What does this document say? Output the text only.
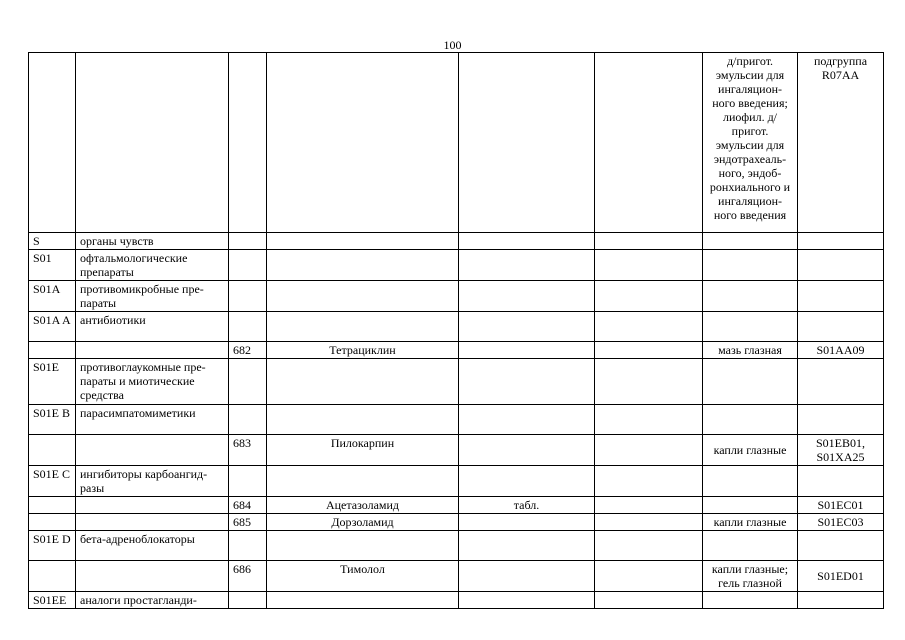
100
						д/пригот. эмульсии для ингаляцион- ного введения; лиофил. д/пригот. эмульсии для эндотрахеаль- ного, эндоб- ронхиального и ингаляцион- ного введения	подгруппа R07AA
S	органы чувств						
S01	офтальмологические препараты						
S01A	противомикробные пре- параты						
S01A A	антибиотики						
		682	Тетрациклин			мазь глазная	S01AA09
S01E	противоглаукомные пре- параты и миотические средства						
S01E B	парасимпатомиметики						
		683	Пилокарпин			капли глазные	S01EB01, S01XA25
S01E C	ингибиторы карбоангид- разы						
		684	Ацетазоламид	табл.			S01EC01
		685	Дорзоламид			капли глазные	S01EC03
S01E D	бета-адреноблокаторы						
		686	Тимолол			капли глазные; гель глазной	S01ED01
S01EE	аналоги простагланди-						
